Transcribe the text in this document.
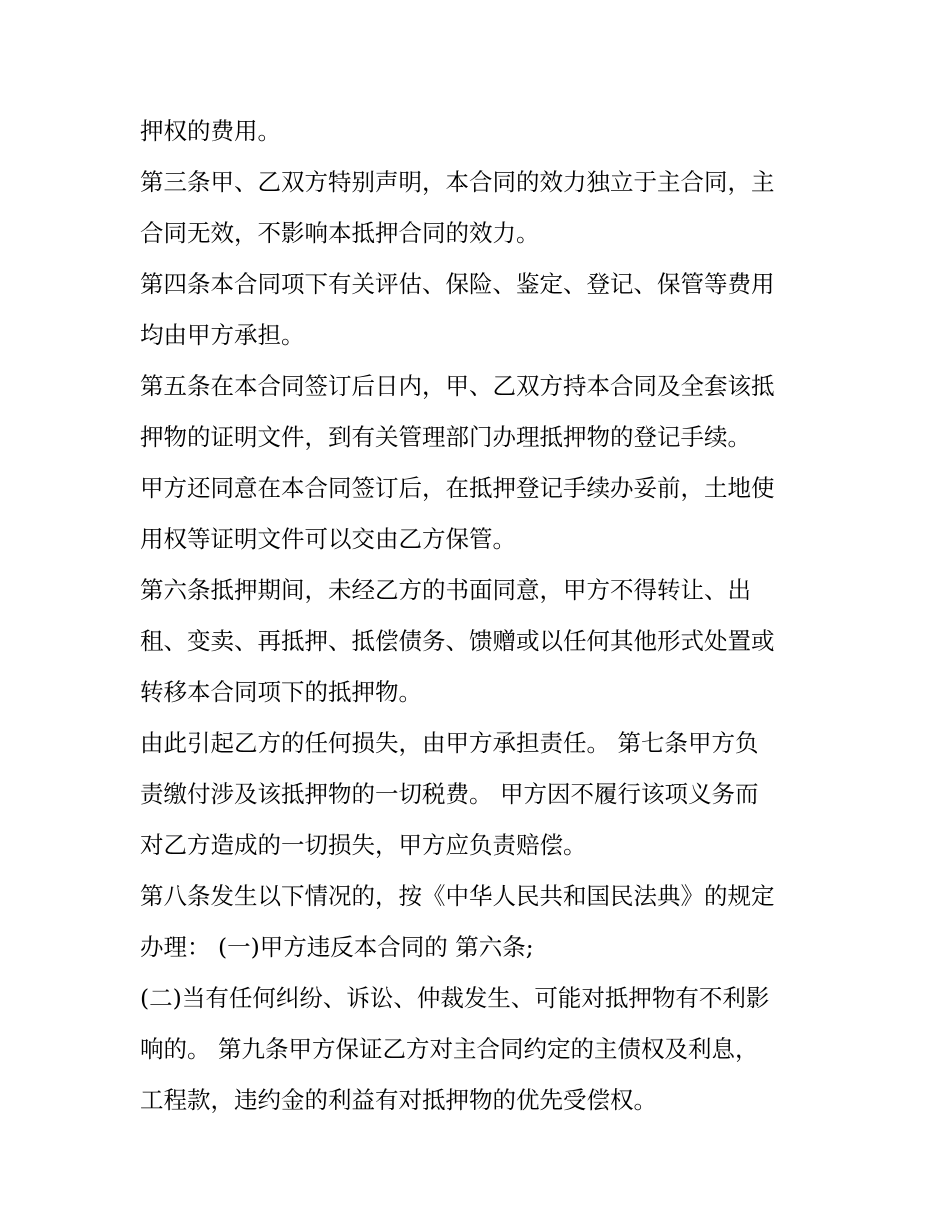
押权的费用。
第三条甲、乙双方特别声明，本合同的效力独立于主合同，主
合同无效，不影响本抵押合同的效力。
第四条本合同项下有关评估、保险、鉴定、登记、保管等费用
均由甲方承担。
第五条在本合同签订后日内，甲、乙双方持本合同及全套该抵
押物的证明文件，到有关管理部门办理抵押物的登记手续。
甲方还同意在本合同签订后，在抵押登记手续办妥前，土地使
用权等证明文件可以交由乙方保管。
第六条抵押期间，未经乙方的书面同意，甲方不得转让、出
租、变卖、再抵押、抵偿债务、馈赠或以任何其他形式处置或
转移本合同项下的抵押物。
由此引起乙方的任何损失，由甲方承担责任。 第七条甲方负
责缴付涉及该抵押物的一切税费。 甲方因不履行该项义务而
对乙方造成的一切损失，甲方应负责赔偿。
第八条发生以下情况的，按《中华人民共和国民法典》的规定
办理： (一)甲方违反本合同的 第六条;
(二)当有任何纠纷、诉讼、仲裁发生、可能对抵押物有不利影
响的。 第九条甲方保证乙方对主合同约定的主债权及利息，
工程款，违约金的利益有对抵押物的优先受偿权。
